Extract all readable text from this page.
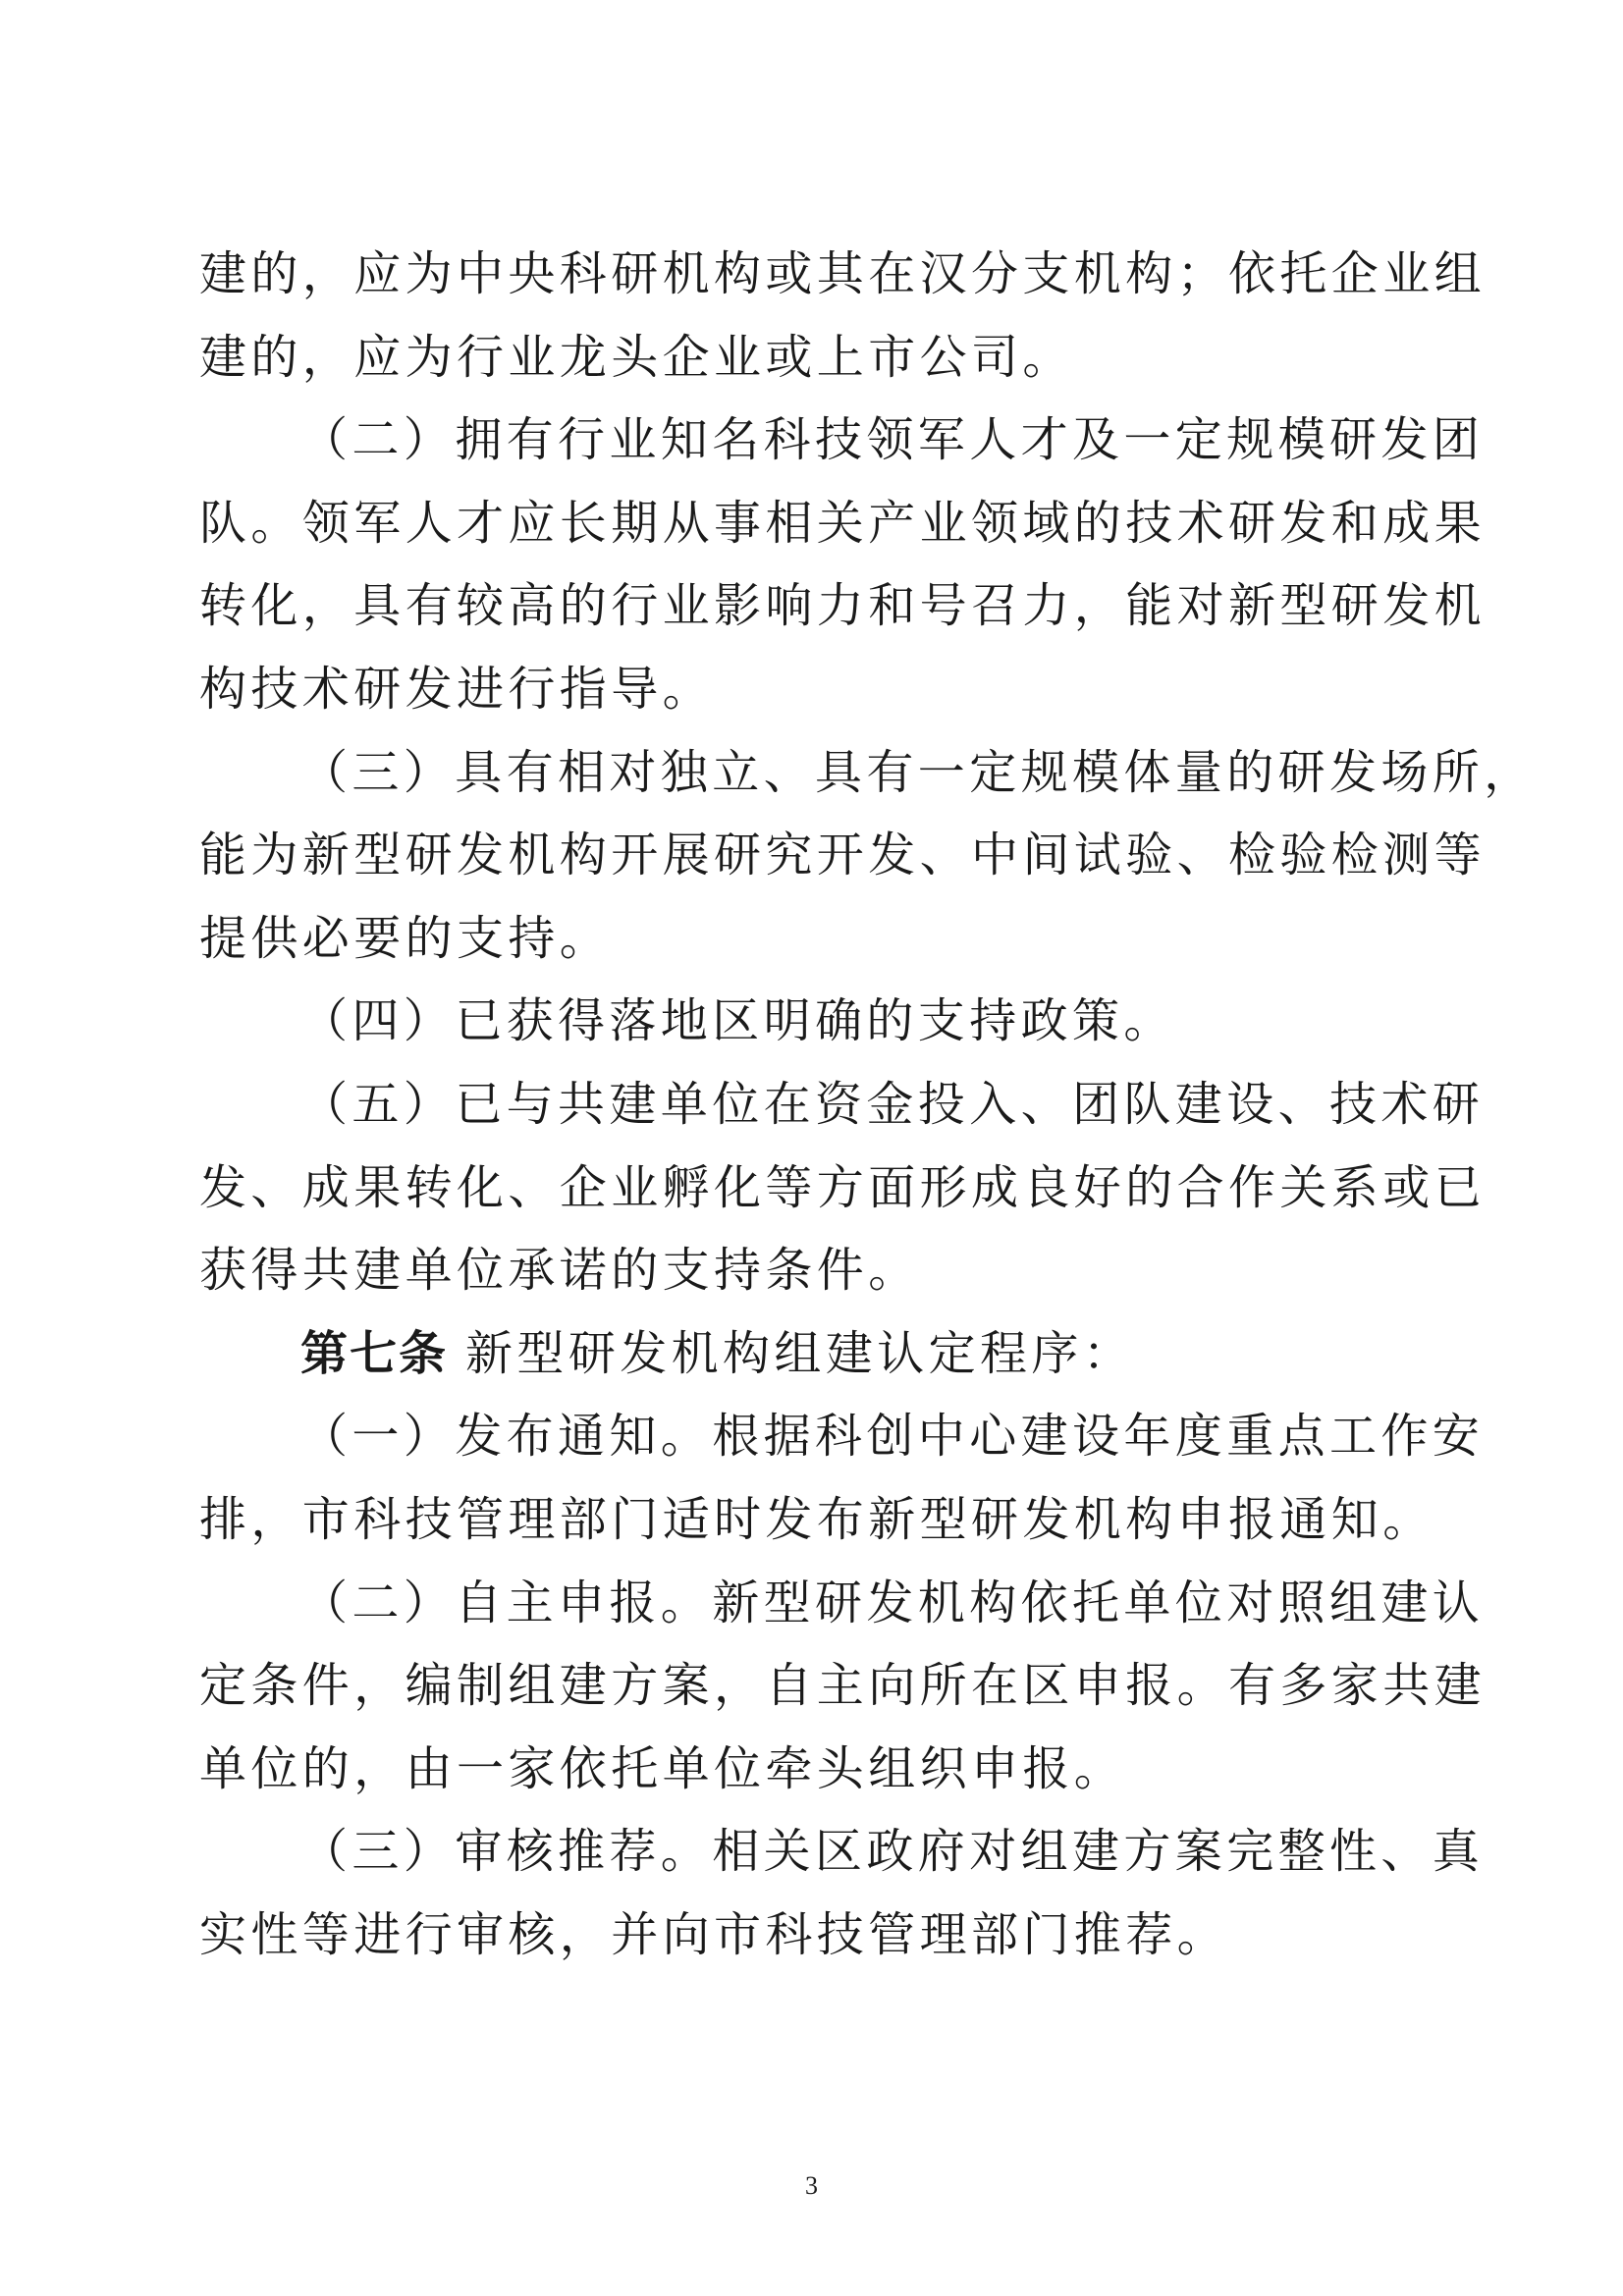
建的，应为中央科研机构或其在汉分支机构；依托企业组
建的，应为行业龙头企业或上市公司。
（二）拥有行业知名科技领军人才及一定规模研发团
队。领军人才应长期从事相关产业领域的技术研发和成果
转化，具有较高的行业影响力和号召力，能对新型研发机
构技术研发进行指导。
（三）具有相对独立、具有一定规模体量的研发场所，
能为新型研发机构开展研究开发、中间试验、检验检测等
提供必要的支持。
（四）已获得落地区明确的支持政策。
（五）已与共建单位在资金投入、团队建设、技术研
发、成果转化、企业孵化等方面形成良好的合作关系或已
获得共建单位承诺的支持条件。
第七条 新型研发机构组建认定程序：
（一）发布通知。根据科创中心建设年度重点工作安
排，市科技管理部门适时发布新型研发机构申报通知。
（二）自主申报。新型研发机构依托单位对照组建认
定条件，编制组建方案，自主向所在区申报。有多家共建
单位的，由一家依托单位牵头组织申报。
（三）审核推荐。相关区政府对组建方案完整性、真
实性等进行审核，并向市科技管理部门推荐。
3
